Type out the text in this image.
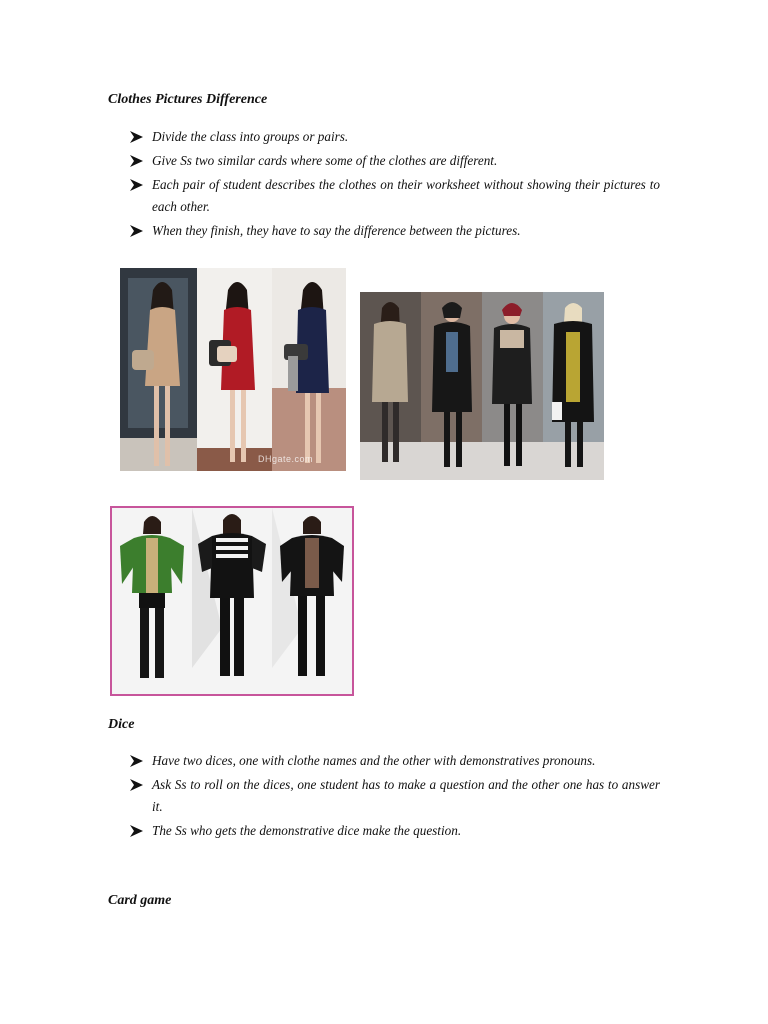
Clothes Pictures Difference
Divide the class into groups or pairs.
Give Ss two similar cards where some of the clothes are different.
Each pair of student describes the clothes on their worksheet without showing their pictures to each other.
When they finish, they have to say the difference between the pictures.
DHgate.com
Dice
Have two dices, one with clothe names and the other with demonstratives pronouns.
Ask Ss to roll on the dices, one student has to make a question and the other one has to answer it.
The Ss who gets the demonstrative dice make the question.
Card game
